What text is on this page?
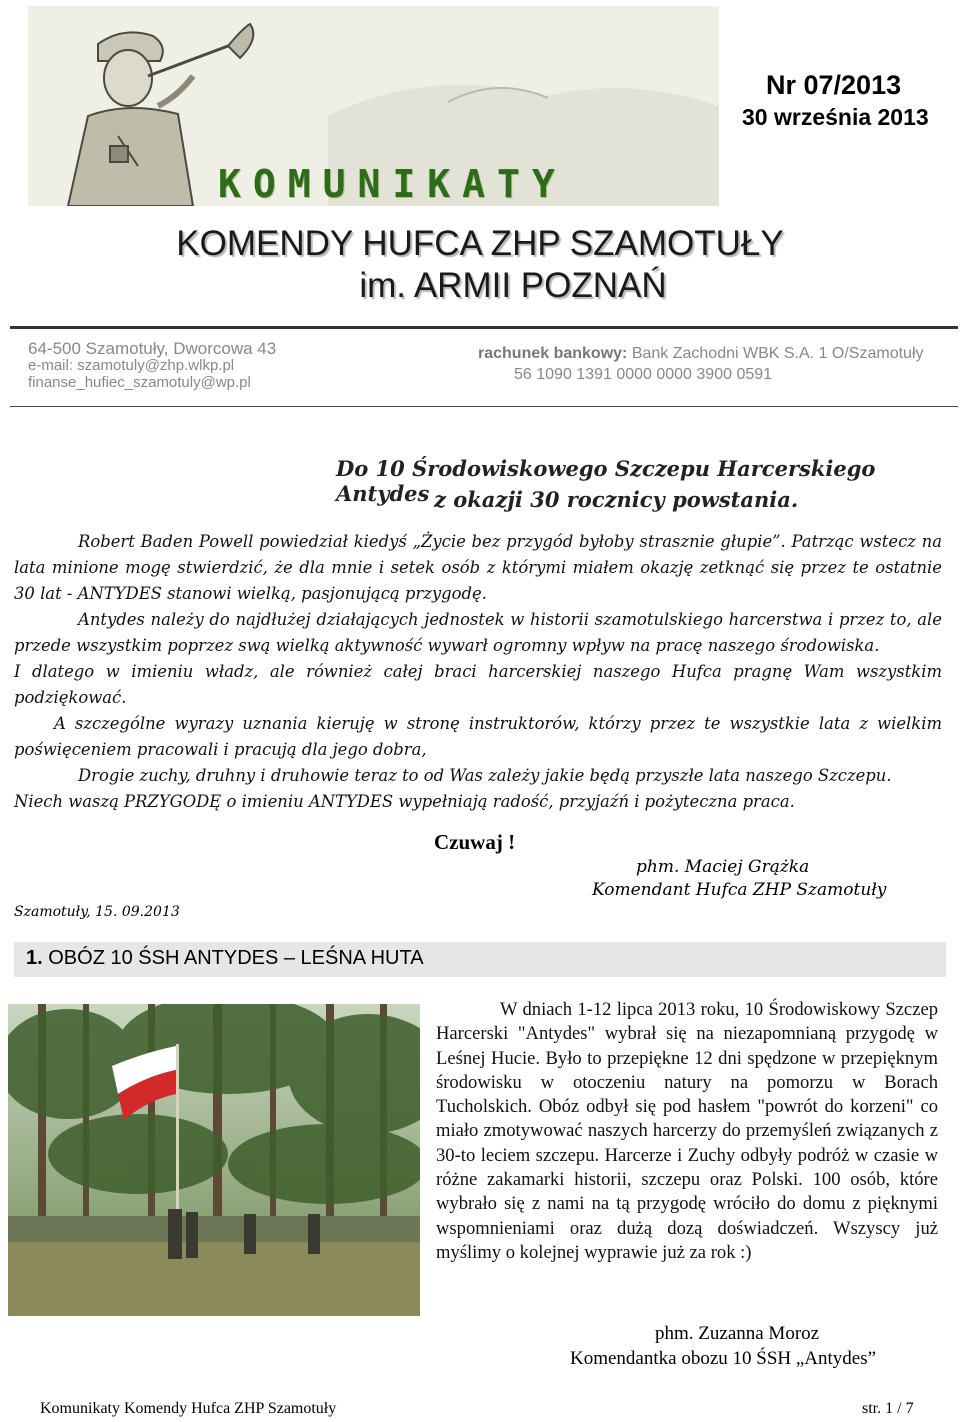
KOMUNIKATY
Nr 07/2013
30 września 2013
KOMENDY HUFCA ZHP SZAMOTUŁY
im. ARMII POZNAŃ
64-500 Szamotuły, Dworcowa 43
e-mail: szamotuly@zhp.wlkp.pl
finanse_hufiec_szamotuly@wp.pl
rachunek bankowy: Bank Zachodni WBK S.A. 1 O/Szamotuły
56 1090 1391 0000 0000 3900 0591
Do 10 Środowiskowego Szczepu Harcerskiego Antydes z okazji 30 rocznicy powstania.

Robert Baden Powell powiedział kiedyś „Życie bez przygód byłoby strasznie głupie”. Patrząc wstecz na lata minione mogę stwierdzić, że dla mnie i setek osób z którymi miałem okazję zetknąć się przez te ostatnie 30 lat - ANTYDES stanowi wielką, pasjonującą przygodę.

Antydes należy do najdłużej działających jednostek w historii szamotulskiego harcerstwa i przez to, ale przede wszystkim poprzez swą wielką aktywność wywarł ogromny wpływ na pracę naszego środowiska.

I dlatego w imieniu władz, ale również całej braci harcerskiej naszego Hufca pragnę Wam wszystkim podziękować.

A szczególne wyrazy uznania kieruję w stronę instruktorów, którzy przez te wszystkie lata z wielkim poświęceniem pracowali i pracują dla jego dobra,

Drogie zuchy, druhny i druhowie teraz to od Was zależy jakie będą przyszłe lata naszego Szczepu.

Niech waszą PRZYGODĘ o imieniu ANTYDES wypełniają radość, przyjaźń i pożyteczna praca.

Czuwaj !
phm. Maciej Grążka
Komendant Hufca ZHP Szamotuły
Szamotuły, 15. 09.2013
1. OBÓZ 10 ŚSH ANTYDES – LEŚNA HUTA

W dniach 1-12 lipca 2013 roku, 10 Środowiskowy Szczep Harcerski "Antydes" wybrał się na niezapomnianą przygodę w Leśnej Hucie. Było to przepiękne 12 dni spędzone w przepięknym środowisku w otoczeniu natury na pomorzu w Borach Tucholskich. Obóz odbył się pod hasłem "powrót do korzeni" co miało zmotywować naszych harcerzy do przemyśleń związanych z 30-to leciem szczepu. Harcerze i Zuchy odbyły podróż w czasie w różne zakamarki historii, szczepu oraz Polski. 100 osób, które wybrało się z nami na tą przygodę wróciło do domu z pięknymi wspomnieniami oraz dużą dozą doświadczeń. Wszyscy już myślimy o kolejnej wyprawie już za rok :)

phm. Zuzanna Moroz
Komendantka obozu 10 ŚSH „Antydes”
Komunikaty Komendy Hufca ZHP Szamotuły	str. 1 / 7
